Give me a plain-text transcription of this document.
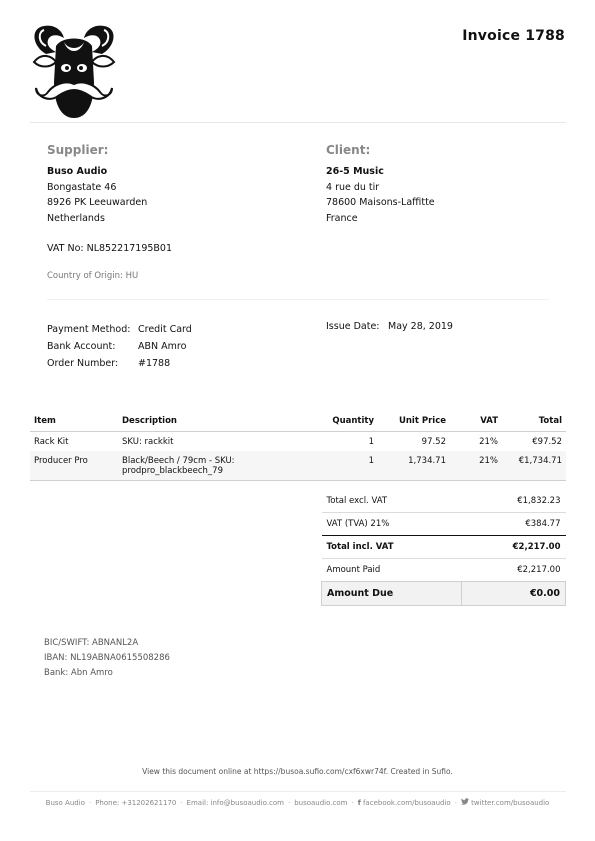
Invoice 1788
Supplier:
Buso Audio
Bongastate 46
8926 PK Leeuwarden
Netherlands
VAT No: NL852217195B01
Country of Origin: HU
Client:
26-5 Music
4 rue du tir
78600 Maisons-Laffitte
France
Payment Method: Credit Card
Bank Account: ABN Amro
Order Number: #1788
Issue Date: May 28, 2019
Item	Description	Quantity	Unit Price	VAT	Total
Rack Kit	SKU: rackkit	1	97.52	21%	€97.52
Producer Pro	Black/Beech / 79cm - SKU:
prodpro_blackbeech_79	1	1,734.71	21%	€1,734.71
Total excl. VAT	€1,832.23
VAT (TVA) 21%	€384.77
Total incl. VAT	€2,217.00
Amount Paid	€2,217.00
Amount Due	€0.00
BIC/SWIFT: ABNANL2A
IBAN: NL19ABNA0615508286
Bank: Abn Amro
View this document online at https://busoa.sufio.com/cxf6xwr74f. Created in Sufio.
Buso Audio · Phone: +31202621170 · Email: info@busoaudio.com · busoaudio.com · f facebook.com/busoaudio · twitter.com/busoaudio
